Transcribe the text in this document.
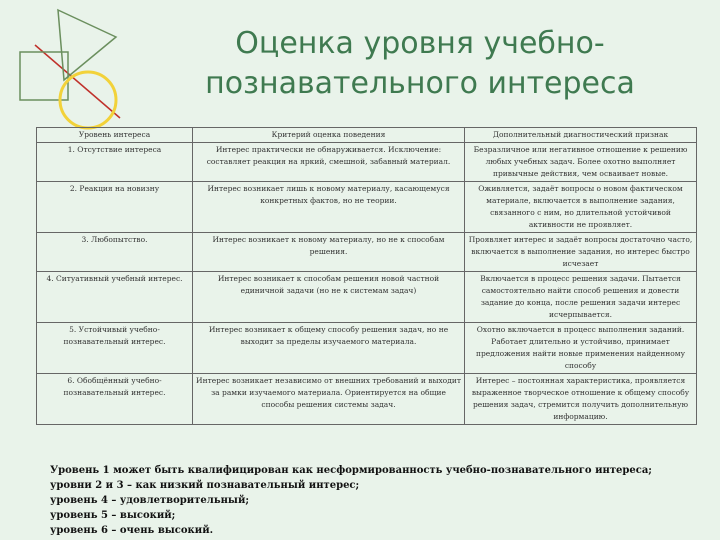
Оценка уровня учебно-
познавательного интереса
Уровень интереса	Критерий оценка поведения	Дополнительный диагностический признак
1. Отсутствие интереса	Интерес практически не обнаруживается. Исключение: составляет реакция на яркий, смешной, забавный материал.	Безразличное или негативное отношение к решению любых учебных задач. Более охотно выполняет привычные действия, чем осваивает новые.
2. Реакция на новизну	Интерес возникает лишь к новому материалу, касающемуся конкретных фактов, но не теории.	Оживляется, задаёт вопросы о новом фактическом материале, включается в выполнение задания, связанного с ним, но длительной устойчивой активности не проявляет.
3. Любопытство.	Интерес возникает к новому материалу, но не к способам решения.	Проявляет интерес и задаёт вопросы достаточно часто, включается в выполнение задания, но интерес быстро исчезает
4. Ситуативный учебный интерес.	Интерес возникает к способам решения новой частной единичной задачи (но не к системам задач)	Включается в процесс решения задачи. Пытается самостоятельно найти способ решения и довести задание до конца, после решения задачи интерес исчерпывается.
5. Устойчивый учебно-познавательный интерес.	Интерес возникает к общему способу решения задач, но не выходит за пределы изучаемого материала.	Охотно включается в процесс выполнения заданий. Работает длительно и устойчиво, принимает предложения найти новые применения найденному способу
6. Обобщённый учебно-познавательный интерес.	Интерес возникает независимо от внешних требований и выходит за рамки изучаемого материала. Ориентируется на общие способы решения системы задач.	Интерес – постоянная характеристика, проявляется выраженное творческое отношение к общему способу решения задач, стремится получить дополнительную информацию.
Уровень 1 может быть квалифицирован как несформированность учебно-познавательного интереса;
уровни 2 и 3 – как низкий познавательный интерес;
уровень 4 – удовлетворительный;
уровень 5 – высокий;
уровень 6 – очень высокий.
